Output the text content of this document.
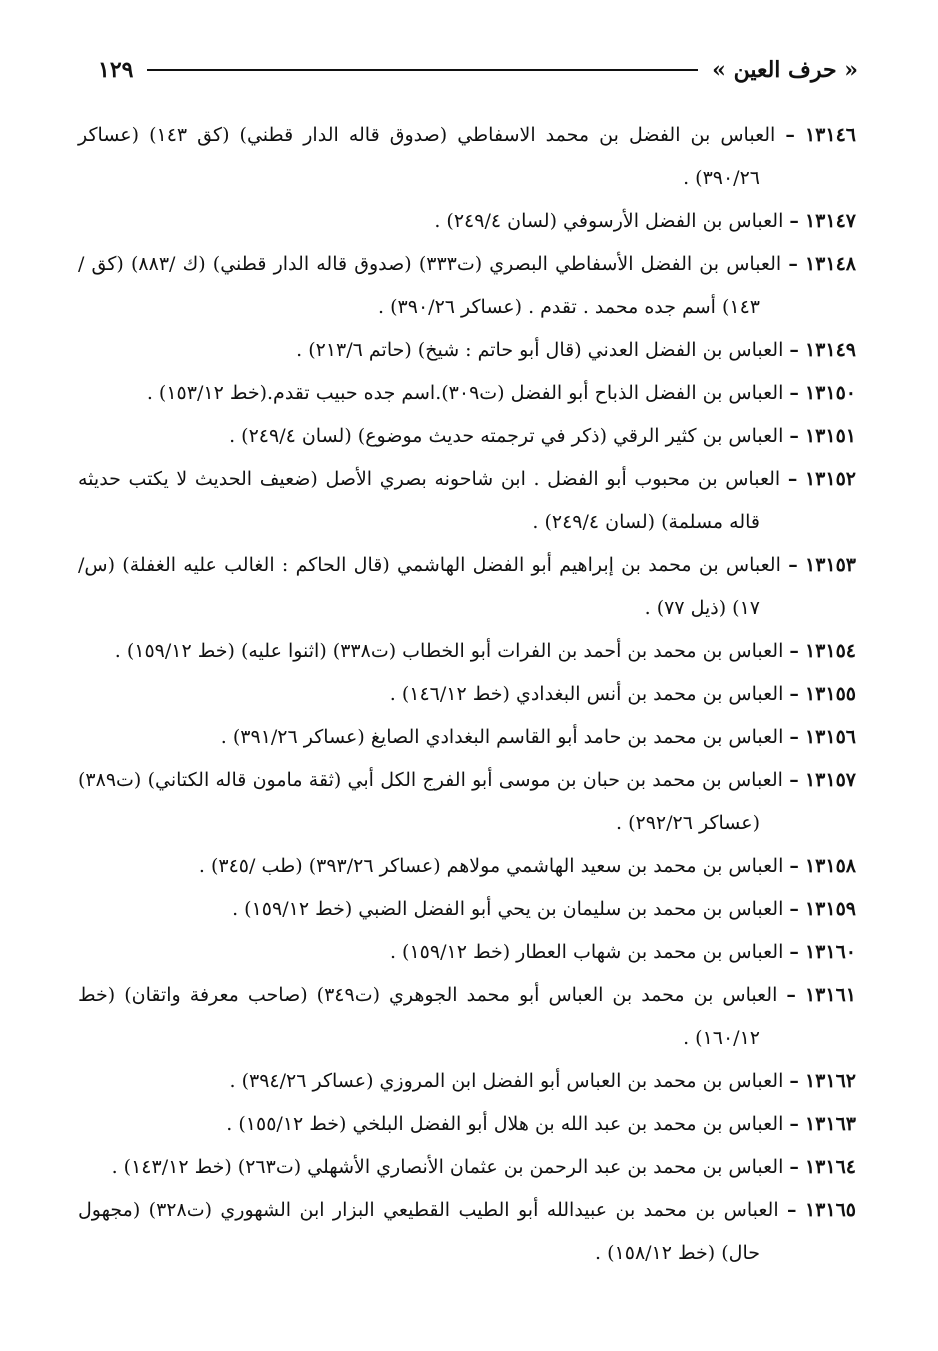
« حرف العين »
١٢٩
١٣١٤٦ – العباس بن الفضل بن محمد الاسفاطي (صدوق قاله الدار قطني) (كق ١٤٣) (عساكر ٣٩٠/٢٦) .
١٣١٤٧ – العباس بن الفضل الأرسوفي (لسان ٢٤٩/٤) .
١٣١٤٨ – العباس بن الفضل الأسفاطي البصري (ت٣٣٣) (صدوق قاله الدار قطني) (ك /٨٨٣) (كق /١٤٣) أسم جده محمد . تقدم . (عساكر ٣٩٠/٢٦) .
١٣١٤٩ – العباس بن الفضل العدني (قال أبو حاتم : شيخ) (حاتم ٢١٣/٦) .
١٣١٥٠ – العباس بن الفضل الذباح أبو الفضل (ت٣٠٩).اسم جده حبيب تقدم.(خط ١٥٣/١٢) .
١٣١٥١ – العباس بن كثير الرقي (ذكر في ترجمته حديث موضوع) (لسان ٢٤٩/٤) .
١٣١٥٢ – العباس بن محبوب أبو الفضل . ابن شاحونه بصري الأصل (ضعيف الحديث لا يكتب حديثه قاله مسلمة) (لسان ٢٤٩/٤) .
١٣١٥٣ – العباس بن محمد بن إبراهيم أبو الفضل الهاشمي (قال الحاكم : الغالب عليه الغفلة) (س/ ١٧) (ذيل ٧٧) .
١٣١٥٤ – العباس بن محمد بن أحمد بن الفرات أبو الخطاب (ت٣٣٨) (اثنوا عليه) (خط ١٥٩/١٢) .
١٣١٥٥ – العباس بن محمد بن أنس البغدادي (خط ١٤٦/١٢) .
١٣١٥٦ – العباس بن محمد بن حامد أبو القاسم البغدادي الصايغ (عساكر ٣٩١/٢٦) .
١٣١٥٧ – العباس بن محمد بن حبان بن موسى أبو الفرج الكل أبي (ثقة مامون قاله الكتاني) (ت٣٨٩) (عساكر ٢٩٢/٢٦) .
١٣١٥٨ – العباس بن محمد بن سعيد الهاشمي مولاهم (عساكر ٣٩٣/٢٦) (طب /٣٤٥) .
١٣١٥٩ – العباس بن محمد بن سليمان بن يحي أبو الفضل الضبي (خط ١٥٩/١٢) .
١٣١٦٠ – العباس بن محمد بن شهاب العطار (خط ١٥٩/١٢) .
١٣١٦١ – العباس بن محمد بن العباس أبو محمد الجوهري (ت٣٤٩) (صاحب معرفة واتقان) (خط ١٦٠/١٢) .
١٣١٦٢ – العباس بن محمد بن العباس أبو الفضل ابن المروزي (عساكر ٣٩٤/٢٦) .
١٣١٦٣ – العباس بن محمد بن عبد الله بن هلال أبو الفضل البلخي (خط ١٥٥/١٢) .
١٣١٦٤ – العباس بن محمد بن عبد الرحمن بن عثمان الأنصاري الأشهلي (ت٢٦٣) (خط ١٤٣/١٢) .
١٣١٦٥ – العباس بن محمد بن عبيدالله أبو الطيب القطيعي البزار ابن الشهوري (ت٣٢٨) (مجهول حال) (خط ١٥٨/١٢) .
